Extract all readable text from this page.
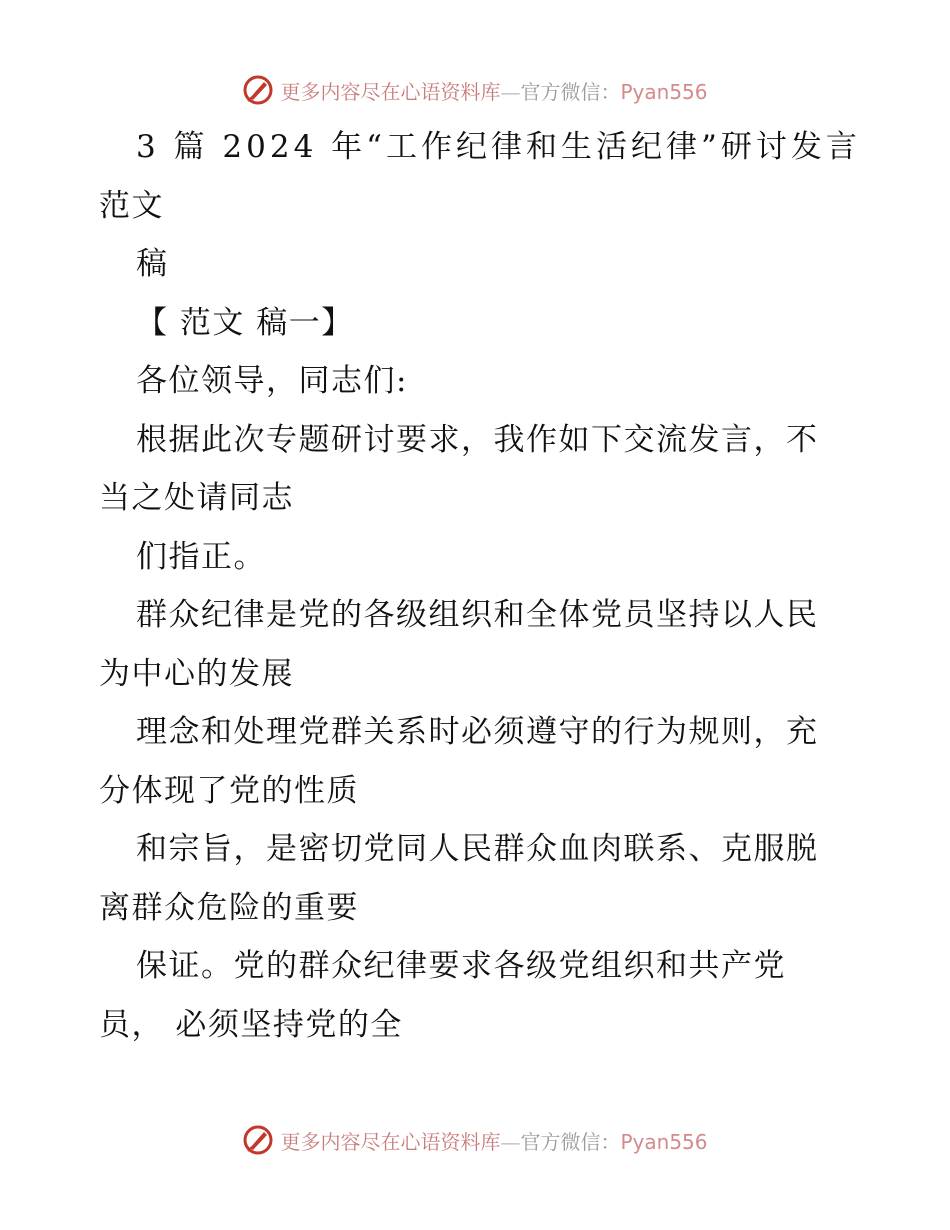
更多内容尽在心语资料库—官方微信：Pyan556
3 篇 2024 年“工作纪律和生活纪律”研讨发言
范文
稿
【 范文 稿一】
各位领导，同志们:
根据此次专题研讨要求，我作如下交流发言，不
当之处请同志
们指正。
群众纪律是党的各级组织和全体党员坚持以人民
为中心的发展
理念和处理党群关系时必须遵守的行为规则，充
分体现了党的性质
和宗旨，是密切党同人民群众血肉联系、克服脱
离群众危险的重要
保证。党的群众纪律要求各级党组织和共产党
员， 必须坚持党的全
更多内容尽在心语资料库—官方微信：Pyan556
